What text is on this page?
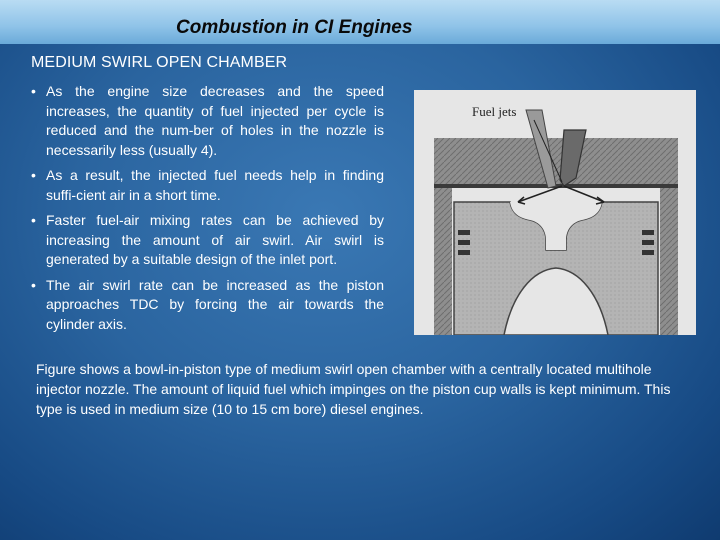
Combustion in CI Engines
MEDIUM SWIRL OPEN CHAMBER
• As the engine size decreases and the speed increases, the quantity of fuel injected per cycle is reduced and the num-ber of holes in the nozzle is necessarily less (usually 4).
• As a result, the injected fuel needs help in finding suffi-cient air in a short time.
• Faster fuel-air mixing rates can be achieved by increasing the amount of air swirl. Air swirl is generated by a suitable design of the inlet port.
• The air swirl rate can be increased as the piston approaches TDC by forcing the air towards the cylinder axis.
Fuel jets
Figure shows a bowl-in-piston type of medium swirl open chamber with a centrally located multihole injector nozzle. The amount of liquid fuel which impinges on the piston cup walls is kept minimum. This type is used in medium size (10 to 15 cm bore) diesel engines.
